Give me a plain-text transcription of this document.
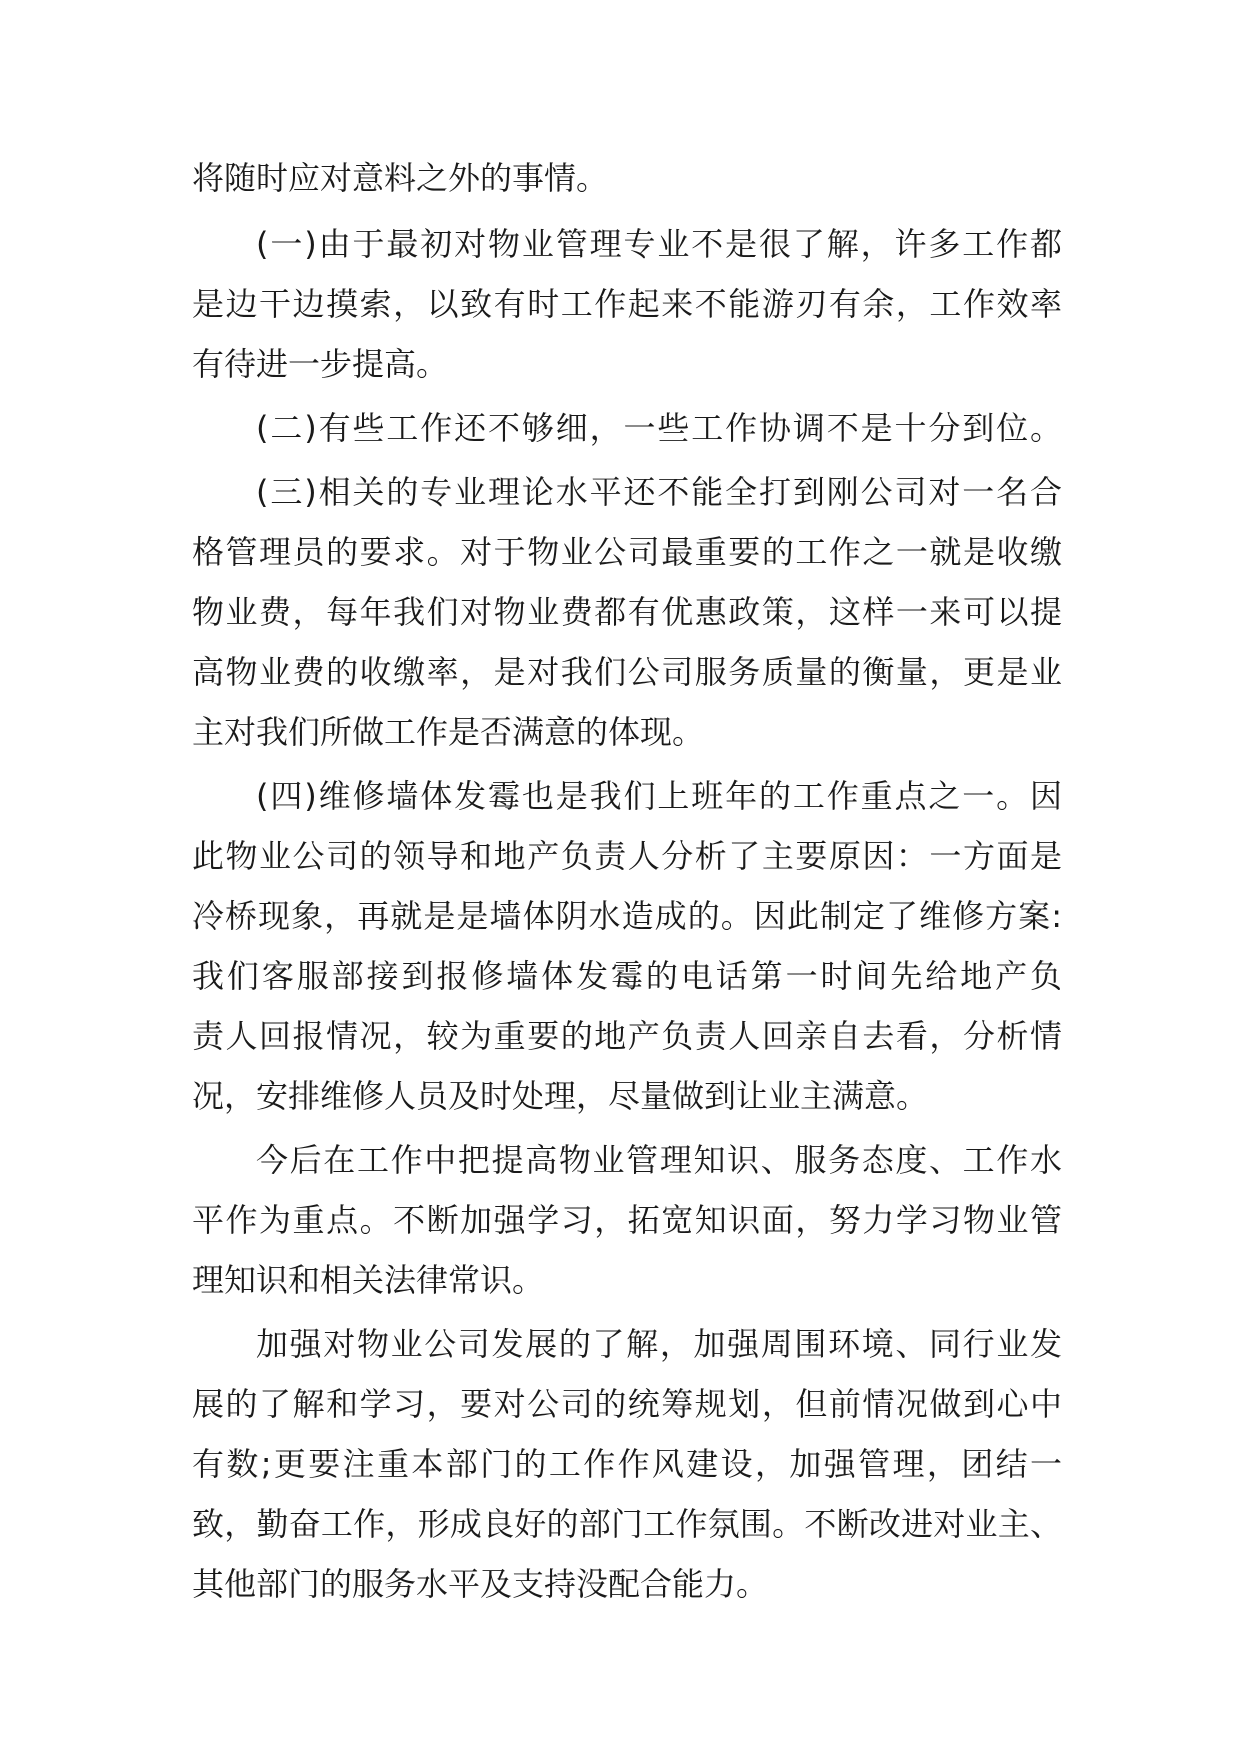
将随时应对意料之外的事情。
(一)由于最初对物业管理专业不是很了解，许多工作都
是边干边摸索，以致有时工作起来不能游刃有余，工作效率
有待进一步提高。
(二)有些工作还不够细，一些工作协调不是十分到位。
(三)相关的专业理论水平还不能全打到刚公司对一名合
格管理员的要求。对于物业公司最重要的工作之一就是收缴
物业费，每年我们对物业费都有优惠政策，这样一来可以提
高物业费的收缴率，是对我们公司服务质量的衡量，更是业
主对我们所做工作是否满意的体现。
(四)维修墙体发霉也是我们上班年的工作重点之一。因
此物业公司的领导和地产负责人分析了主要原因：一方面是
冷桥现象，再就是是墙体阴水造成的。因此制定了维修方案:
我们客服部接到报修墙体发霉的电话第一时间先给地产负
责人回报情况，较为重要的地产负责人回亲自去看，分析情
况，安排维修人员及时处理，尽量做到让业主满意。
今后在工作中把提高物业管理知识、服务态度、工作水
平作为重点。不断加强学习，拓宽知识面，努力学习物业管
理知识和相关法律常识。
加强对物业公司发展的了解，加强周围环境、同行业发
展的了解和学习，要对公司的统筹规划，但前情况做到心中
有数;更要注重本部门的工作作风建设，加强管理，团结一
致，勤奋工作，形成良好的部门工作氛围。不断改进对业主、
其他部门的服务水平及支持没配合能力。
